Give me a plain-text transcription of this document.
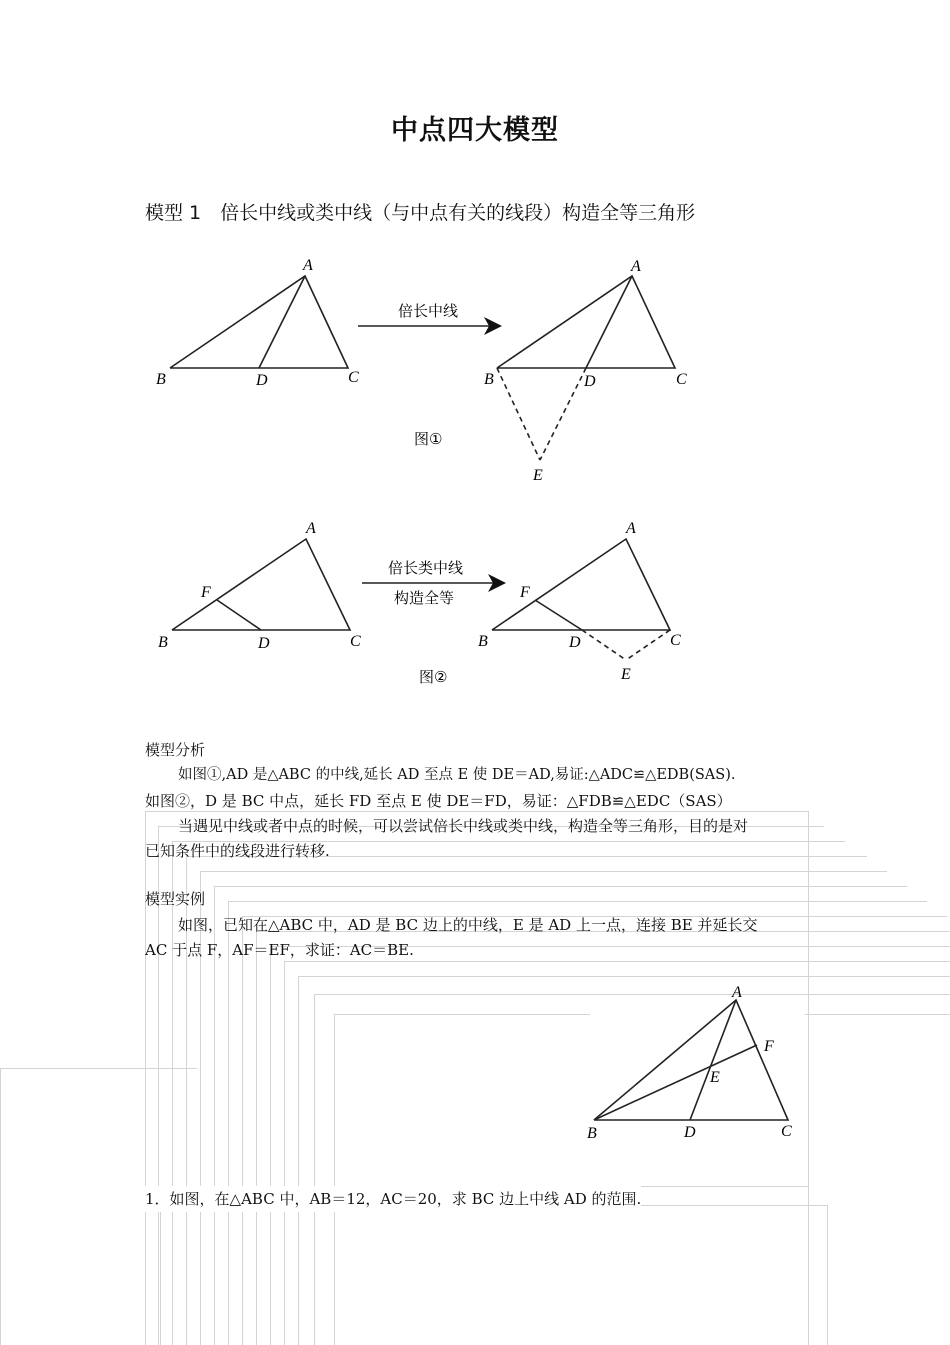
中点四大模型
模型 1　倍长中线或类中线（与中点有关的线段）构造全等三角形
A
B	D	C
A
B	D	C
E
倍长中线
图①
A
F
B	D	C
A
F
B	D	C
E
倍长类中线
构造全等
图②
模型分析
如图①,AD 是△ABC 的中线,延长 AD 至点 E 使 DE＝AD,易证:△ADC≌△EDB(SAS).
如图②，D 是 BC 中点，延长 FD 至点 E 使 DE＝FD，易证：△FDB≌△EDC（SAS）
当遇见中线或者中点的时候，可以尝试倍长中线或类中线，构造全等三角形，目的是对
已知条件中的线段进行转移.
模型实例
如图，已知在△ABC 中，AD 是 BC 边上的中线，E 是 AD 上一点，连接 BE 并延长交
AC 于点 F，AF＝EF，求证：AC＝BE.
A
F
E
B	D	C
1．如图，在△ABC 中，AB＝12，AC＝20，求 BC 边上中线 AD 的范围.
